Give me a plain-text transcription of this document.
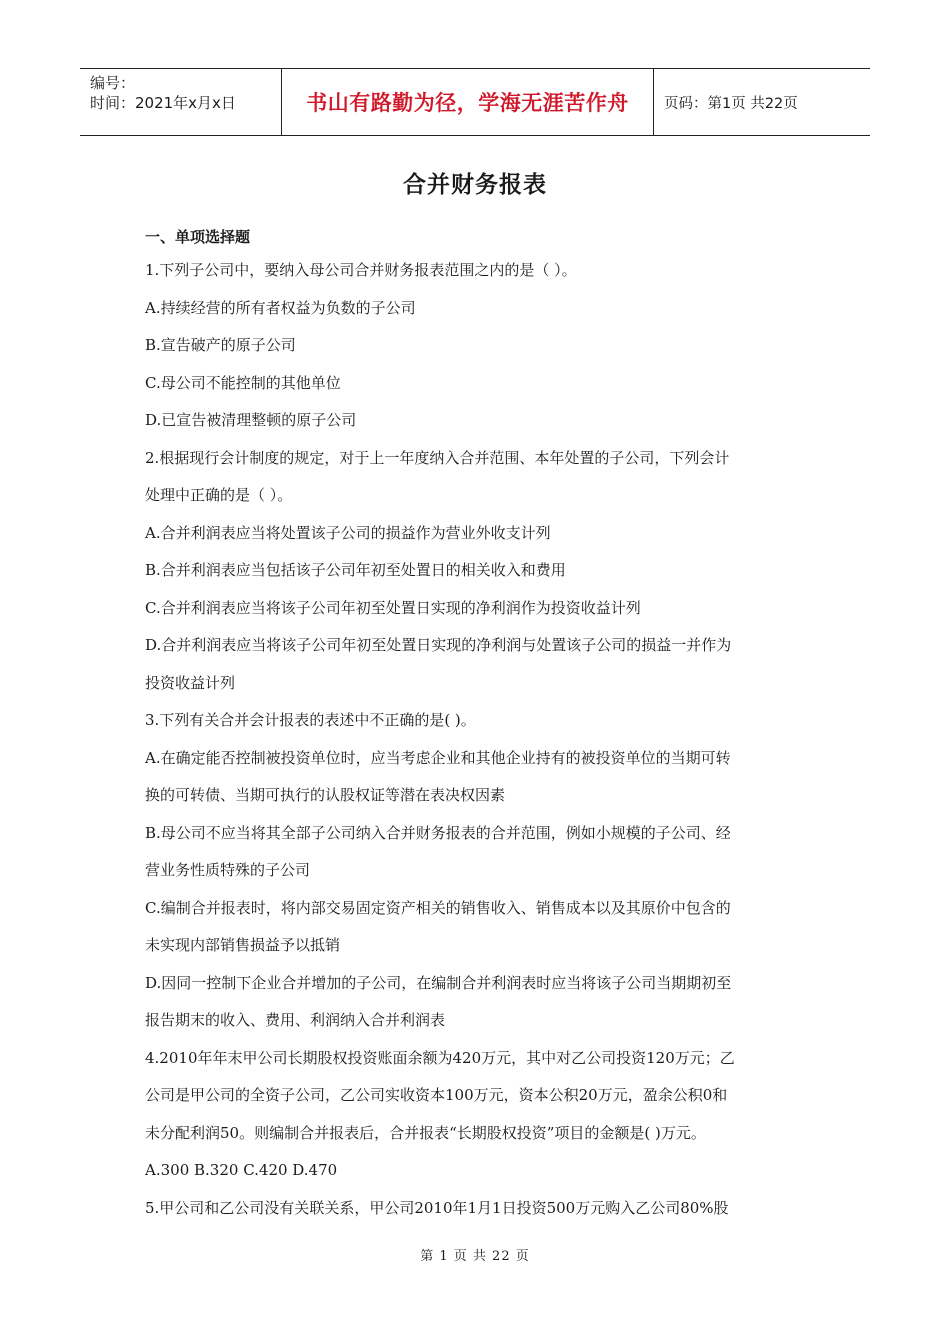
编号：
时间：2021年x月x日	书山有路勤为径，学海无涯苦作舟	页码：第1页 共22页
合并财务报表
一、单项选择题
1.下列子公司中，要纳入母公司合并财务报表范围之内的是（ ）。
A.持续经营的所有者权益为负数的子公司
B.宣告破产的原子公司
C.母公司不能控制的其他单位
D.已宣告被清理整顿的原子公司
2.根据现行会计制度的规定，对于上一年度纳入合并范围、本年处置的子公司，下列会计
处理中正确的是（ ）。
A.合并利润表应当将处置该子公司的损益作为营业外收支计列
B.合并利润表应当包括该子公司年初至处置日的相关收入和费用
C.合并利润表应当将该子公司年初至处置日实现的净利润作为投资收益计列
D.合并利润表应当将该子公司年初至处置日实现的净利润与处置该子公司的损益一并作为
投资收益计列
3.下列有关合并会计报表的表述中不正确的是( )。
A.在确定能否控制被投资单位时，应当考虑企业和其他企业持有的被投资单位的当期可转
换的可转债、当期可执行的认股权证等潜在表决权因素
B.母公司不应当将其全部子公司纳入合并财务报表的合并范围，例如小规模的子公司、经
营业务性质特殊的子公司
C.编制合并报表时，将内部交易固定资产相关的销售收入、销售成本以及其原价中包含的
未实现内部销售损益予以抵销
D.因同一控制下企业合并增加的子公司，在编制合并利润表时应当将该子公司当期期初至
报告期末的收入、费用、利润纳入合并利润表
4.2010年年末甲公司长期股权投资账面余额为420万元，其中对乙公司投资120万元；乙
公司是甲公司的全资子公司，乙公司实收资本100万元，资本公积20万元，盈余公积0和
未分配利润50。则编制合并报表后，合并报表“长期股权投资”项目的金额是( )万元。
A.300 B.320 C.420 D.470
5.甲公司和乙公司没有关联关系，甲公司2010年1月1日投资500万元购入乙公司80%股
第 1 页 共 22 页
